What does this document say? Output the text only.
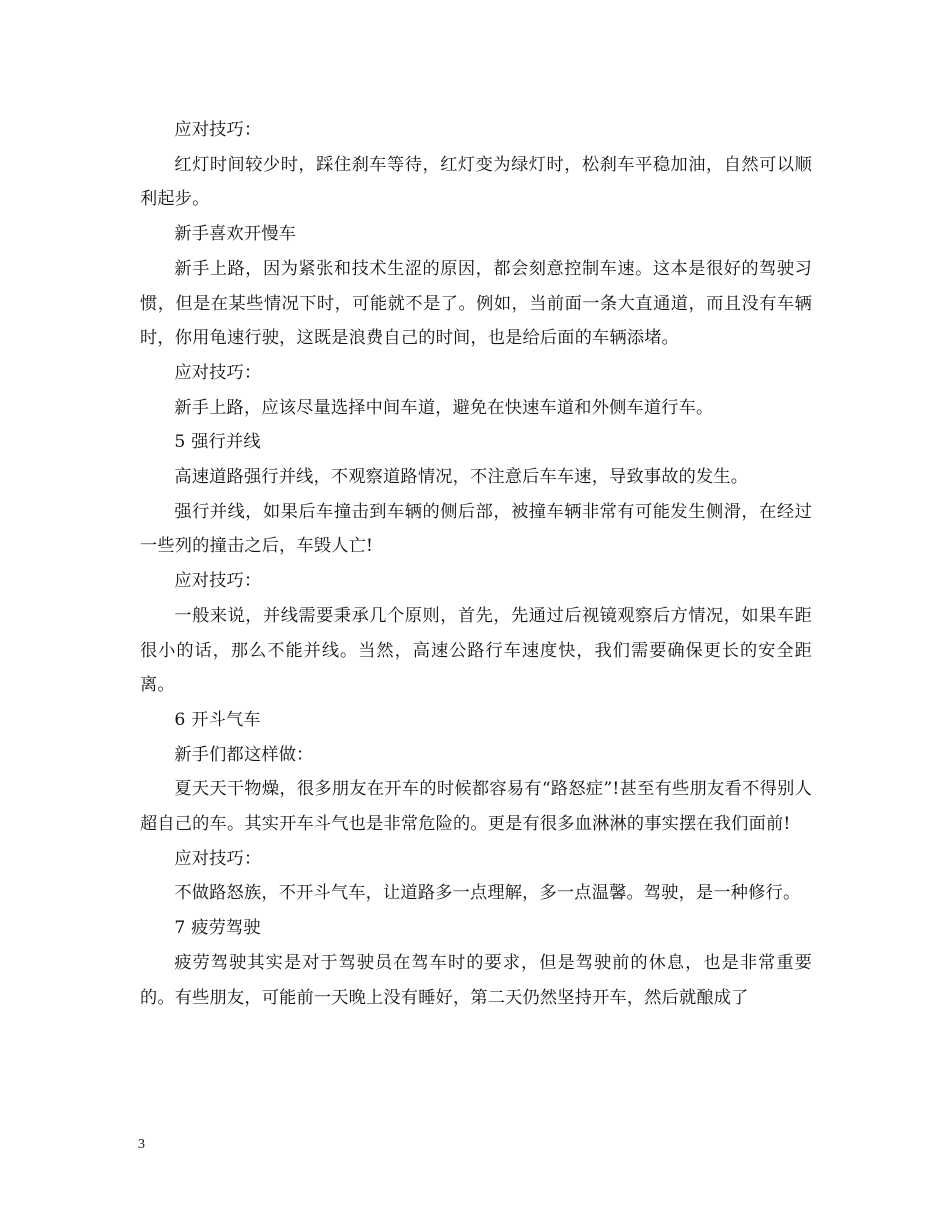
应对技巧：

红灯时间较少时，踩住刹车等待，红灯变为绿灯时，松刹车平稳加油，自然可以顺利起步。

新手喜欢开慢车

新手上路，因为紧张和技术生涩的原因，都会刻意控制车速。这本是很好的驾驶习惯，但是在某些情况下时，可能就不是了。例如，当前面一条大直通道，而且没有车辆时，你用龟速行驶，这既是浪费自己的时间，也是给后面的车辆添堵。

应对技巧：

新手上路，应该尽量选择中间车道，避免在快速车道和外侧车道行车。

5 强行并线

高速道路强行并线，不观察道路情况，不注意后车车速，导致事故的发生。

强行并线，如果后车撞击到车辆的侧后部，被撞车辆非常有可能发生侧滑，在经过一些列的撞击之后，车毁人亡!

应对技巧：

一般来说，并线需要秉承几个原则，首先，先通过后视镜观察后方情况，如果车距很小的话，那么不能并线。当然，高速公路行车速度快，我们需要确保更长的安全距离。

6 开斗气车

新手们都这样做：

夏天天干物燥，很多朋友在开车的时候都容易有“路怒症”!甚至有些朋友看不得别人超自己的车。其实开车斗气也是非常危险的。更是有很多血淋淋的事实摆在我们面前!

应对技巧：

不做路怒族，不开斗气车，让道路多一点理解，多一点温馨。驾驶，是一种修行。

7 疲劳驾驶

疲劳驾驶其实是对于驾驶员在驾车时的要求，但是驾驶前的休息，也是非常重要的。有些朋友，可能前一天晚上没有睡好，第二天仍然坚持开车，然后就酿成了

3
